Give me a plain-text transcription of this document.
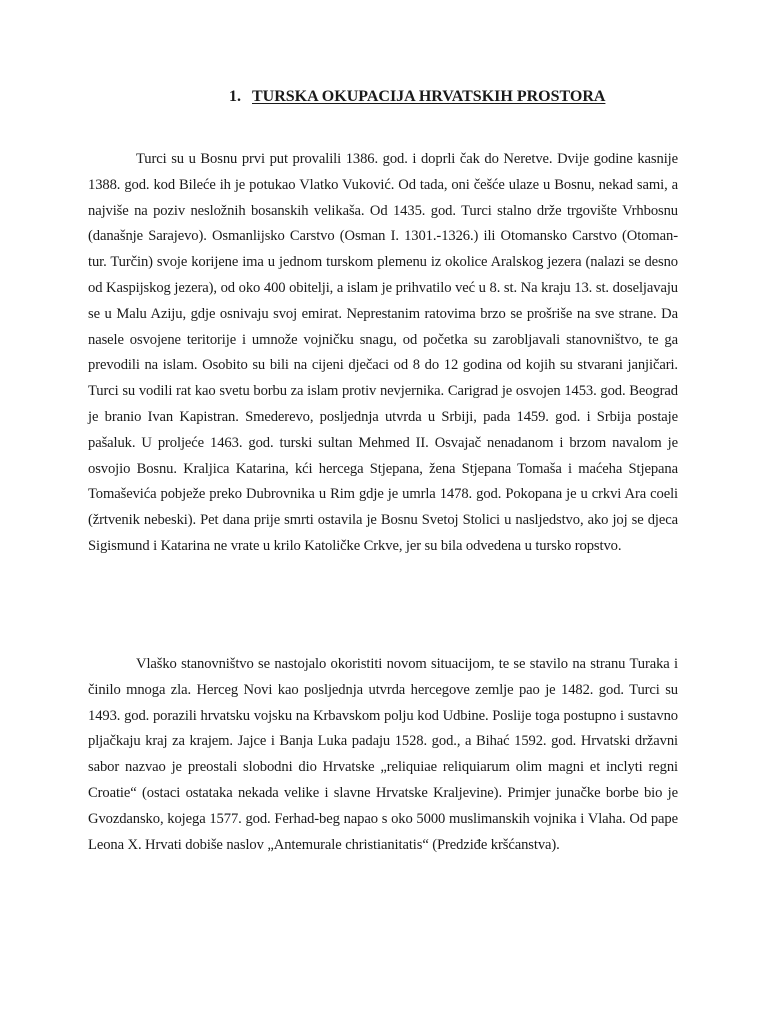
1. TURSKA OKUPACIJA HRVATSKIH PROSTORA

Turci su u Bosnu prvi put provalili 1386. god. i doprli čak do Neretve. Dvije godine kasnije 1388. god. kod Bileće ih je potukao Vlatko Vuković. Od tada, oni češće ulaze u Bosnu, nekad sami, a najviše na poziv nesložnih bosanskih velikaša. Od 1435. god. Turci stalno drže trgovište Vrhbosnu (današnje Sarajevo). Osmanlijsko Carstvo (Osman I. 1301.-1326.) ili Otomansko Carstvo (Otoman-tur. Turčin) svoje korijene ima u jednom turskom plemenu iz okolice Aralskog jezera (nalazi se desno od Kaspijskog jezera), od oko 400 obitelji, a islam je prihvatilo već u 8. st. Na kraju 13. st. doseljavaju se u Malu Aziju, gdje osnivaju svoj emirat. Neprestanim ratovima brzo se prošriše na sve strane. Da nasele osvojene teritorije i umnože vojničku snagu, od početka su zarobljavali stanovništvo, te ga prevodili na islam. Osobito su bili na cijeni dječaci od 8 do 12 godina od kojih su stvarani janjičari. Turci su vodili rat kao svetu borbu za islam protiv nevjernika. Carigrad je osvojen 1453. god. Beograd je branio Ivan Kapistran. Smederevo, posljednja utvrda u Srbiji, pada 1459. god. i Srbija postaje pašaluk. U proljeće 1463. god. turski sultan Mehmed II. Osvajač nenadanom i brzom navalom je osvojio Bosnu. Kraljica Katarina, kći hercega Stjepana, žena Stjepana Tomaša i maćeha Stjepana Tomaševića pobježe preko Dubrovnika u Rim gdje je umrla 1478. god. Pokopana je u crkvi Ara coeli (žrtvenik nebeski). Pet dana prije smrti ostavila je Bosnu Svetoj Stolici u nasljedstvo, ako joj se djeca Sigismund i Katarina ne vrate u krilo Katoličke Crkve, jer su bila odvedena u tursko ropstvo.

Vlaško stanovništvo se nastojalo okoristiti novom situacijom, te se stavilo na stranu Turaka i činilo mnoga zla. Herceg Novi kao posljednja utvrda hercegove zemlje pao je 1482. god. Turci su 1493. god. porazili hrvatsku vojsku na Krbavskom polju kod Udbine. Poslije toga postupno i sustavno pljačkaju kraj za krajem. Jajce i Banja Luka padaju 1528. god., a Bihać 1592. god. Hrvatski državni sabor nazvao je preostali slobodni dio Hrvatske „reliquiae reliquiarum olim magni et inclyti regni Croatie“ (ostaci ostataka nekada velike i slavne Hrvatske Kraljevine). Primjer junačke borbe bio je Gvozdansko, kojega 1577. god. Ferhad-beg napao s oko 5000 muslimanskih vojnika i Vlaha. Od pape Leona X. Hrvati dobiše naslov „Antemurale christianitatis“ (Predziđe kršćanstva).
